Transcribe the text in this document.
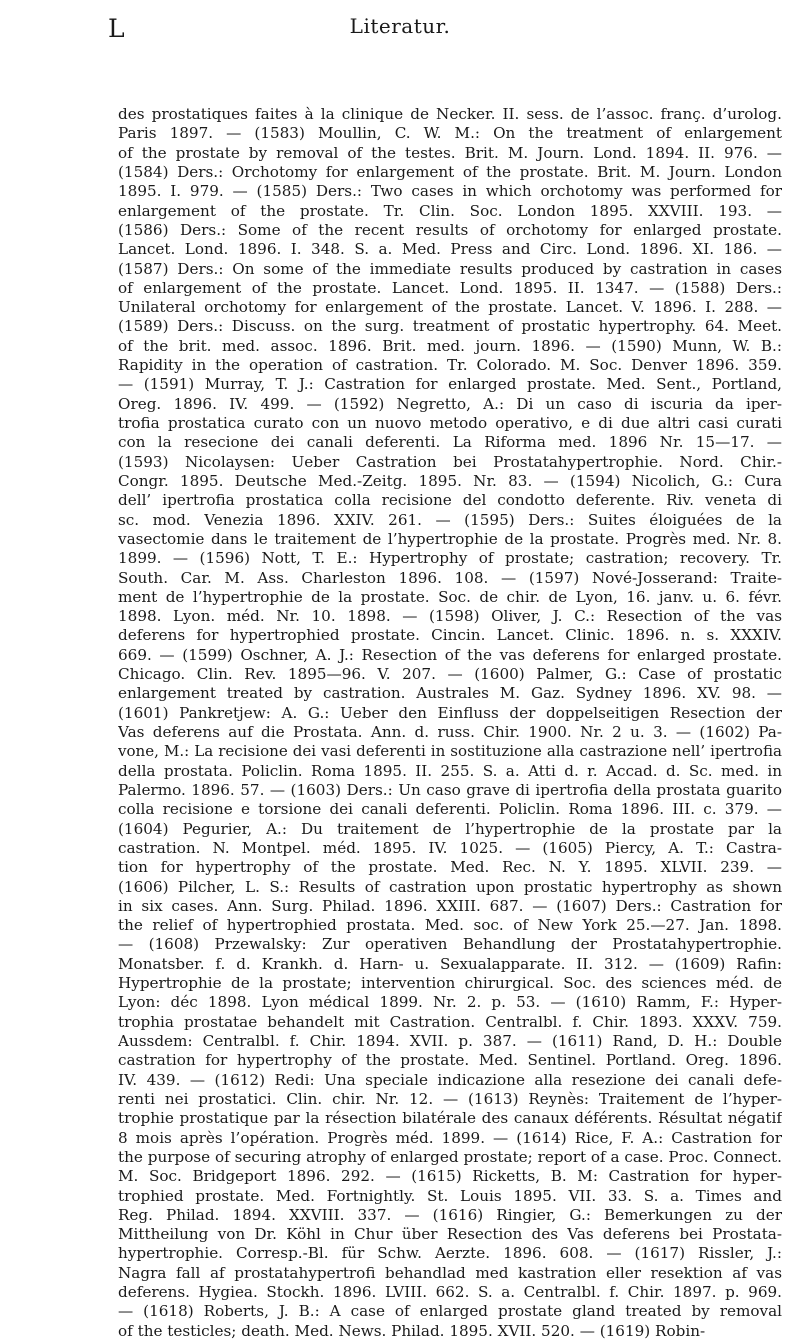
L	Literatur.
des prostatiques faites à la clinique de Necker. II. sess. de l’assoc. franç. d’urolog.
Paris 1897. — (1583) Moullin, C. W. M.: On the treatment of enlargement
of the prostate by removal of the testes. Brit. M. Journ. Lond. 1894. II. 976. —
(1584) Ders.: Orchotomy for enlargement of the prostate. Brit. M. Journ. London
1895. I. 979. — (1585) Ders.: Two cases in which orchotomy was performed for
enlargement of the prostate. Tr. Clin. Soc. London 1895. XXVIII. 193. —
(1586) Ders.: Some of the recent results of orchotomy for enlarged prostate.
Lancet. Lond. 1896. I. 348. S. a. Med. Press and Circ. Lond. 1896. XI. 186. —
(1587) Ders.: On some of the immediate results produced by castration in cases
of enlargement of the prostate. Lancet. Lond. 1895. II. 1347. — (1588) Ders.:
Unilateral orchotomy for enlargement of the prostate. Lancet. V. 1896. I. 288. —
(1589) Ders.: Discuss. on the surg. treatment of prostatic hypertrophy. 64. Meet.
of the brit. med. assoc. 1896. Brit. med. journ. 1896. — (1590) Munn, W. B.:
Rapidity in the operation of castration. Tr. Colorado. M. Soc. Denver 1896. 359.
— (1591) Murray, T. J.: Castration for enlarged prostate. Med. Sent., Portland,
Oreg. 1896. IV. 499. — (1592) Negretto, A.: Di un caso di iscuria da iper-
trofia prostatica curato con un nuovo metodo operativo, e di due altri casi curati
con la resecione dei canali deferenti. La Riforma med. 1896 Nr. 15—17. —
(1593) Nicolaysen: Ueber Castration bei Prostatahypertrophie. Nord. Chir.-
Congr. 1895. Deutsche Med.-Zeitg. 1895. Nr. 83. — (1594) Nicolich, G.: Cura
dell’ ipertrofia prostatica colla recisione del condotto deferente. Riv. veneta di
sc. mod. Venezia 1896. XXIV. 261. — (1595) Ders.: Suites éloiguées de la
vasectomie dans le traitement de l’hypertrophie de la prostate. Progrès med. Nr. 8.
1899. — (1596) Nott, T. E.: Hypertrophy of prostate; castration; recovery. Tr.
South. Car. M. Ass. Charleston 1896. 108. — (1597) Nové-Josserand: Traite-
ment de l’hypertrophie de la prostate. Soc. de chir. de Lyon, 16. janv. u. 6. févr.
1898. Lyon. méd. Nr. 10. 1898. — (1598) Oliver, J. C.: Resection of the vas
deferens for hypertrophied prostate. Cincin. Lancet. Clinic. 1896. n. s. XXXIV.
669. — (1599) Oschner, A. J.: Resection of the vas deferens for enlarged prostate.
Chicago. Clin. Rev. 1895—96. V. 207. — (1600) Palmer, G.: Case of prostatic
enlargement treated by castration. Australes M. Gaz. Sydney 1896. XV. 98. —
(1601) Pankretjew: A. G.: Ueber den Einfluss der doppelseitigen Resection der
Vas deferens auf die Prostata. Ann. d. russ. Chir. 1900. Nr. 2 u. 3. — (1602) Pa-
vone, M.: La recisione dei vasi deferenti in sostituzione alla castrazione nell’ ipertrofia
della prostata. Policlin. Roma 1895. II. 255. S. a. Atti d. r. Accad. d. Sc. med. in
Palermo. 1896. 57. — (1603) Ders.: Un caso grave di ipertrofia della prostata guarito
colla recisione e torsione dei canali deferenti. Policlin. Roma 1896. III. c. 379. —
(1604) Pegurier, A.: Du traitement de l’hypertrophie de la prostate par la
castration. N. Montpel. méd. 1895. IV. 1025. — (1605) Piercy, A. T.: Castra-
tion for hypertrophy of the prostate. Med. Rec. N. Y. 1895. XLVII. 239. —
(1606) Pilcher, L. S.: Results of castration upon prostatic hypertrophy as shown
in six cases. Ann. Surg. Philad. 1896. XXIII. 687. — (1607) Ders.: Castration for
the relief of hypertrophied prostata. Med. soc. of New York 25.—27. Jan. 1898.
— (1608) Przewalsky: Zur operativen Behandlung der Prostatahypertrophie.
Monatsber. f. d. Krankh. d. Harn- u. Sexualapparate. II. 312. — (1609) Rafin:
Hypertrophie de la prostate; intervention chirurgical. Soc. des sciences méd. de
Lyon: déc 1898. Lyon médical 1899. Nr. 2. p. 53. — (1610) Ramm, F.: Hyper-
trophia prostatae behandelt mit Castration. Centralbl. f. Chir. 1893. XXXV. 759.
Aussdem: Centralbl. f. Chir. 1894. XVII. p. 387. — (1611) Rand, D. H.: Double
castration for hypertrophy of the prostate. Med. Sentinel. Portland. Oreg. 1896.
IV. 439. — (1612) Redi: Una speciale indicazione alla resezione dei canali defe-
renti nei prostatici. Clin. chir. Nr. 12. — (1613) Reynès: Traitement de l’hyper-
trophie prostatique par la résection bilatérale des canaux déférents. Résultat négatif
8 mois après l’opération. Progrès méd. 1899. — (1614) Rice, F. A.: Castration for
the purpose of securing atrophy of enlarged prostate; report of a case. Proc. Connect.
M. Soc. Bridgeport 1896. 292. — (1615) Ricketts, B. M: Castration for hyper-
trophied prostate. Med. Fortnightly. St. Louis 1895. VII. 33. S. a. Times and
Reg. Philad. 1894. XXVIII. 337. — (1616) Ringier, G.: Bemerkungen zu der
Mittheilung von Dr. Köhl in Chur über Resection des Vas deferens bei Prostata-
hypertrophie. Corresp.-Bl. für Schw. Aerzte. 1896. 608. — (1617) Rissler, J.:
Nagra fall af prostatahypertrofi behandlad med kastration eller resektion af vas
deferens. Hygiea. Stockh. 1896. LVIII. 662. S. a. Centralbl. f. Chir. 1897. p. 969.
— (1618) Roberts, J. B.: A case of enlarged prostate gland treated by removal
of the testicles; death. Med. News. Philad. 1895. XVII. 520. — (1619) Robin-
